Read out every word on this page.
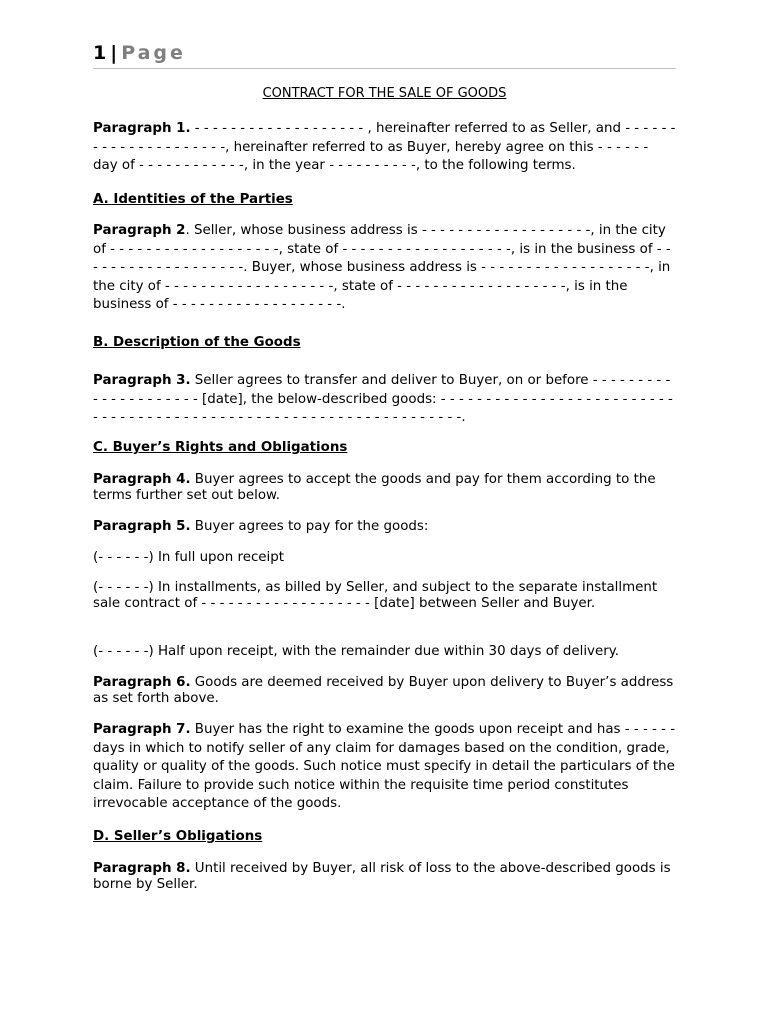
1 | Page
CONTRACT FOR THE SALE OF GOODS

Paragraph 1. - - - - - - - - - - - - - - - - - - - , hereinafter referred to as Seller, and - - - - - - - - - - - - - - - - - - - - -, hereinafter referred to as Buyer, hereby agree on this - - - - - - day of - - - - - - - - - - - -, in the year - - - - - - - - - -, to the following terms.

A. Identities of the Parties

Paragraph 2. Seller, whose business address is - - - - - - - - - - - - - - - - - - -, in the city of - - - - - - - - - - - - - - - - - - -, state of - - - - - - - - - - - - - - - - - - -, is in the business of - - - - - - - - - - - - - - - - - - -. Buyer, whose business address is - - - - - - - - - - - - - - - - - - -, in the city of - - - - - - - - - - - - - - - - - - -, state of - - - - - - - - - - - - - - - - - - -, is in the business of - - - - - - - - - - - - - - - - - - -.

B. Description of the Goods

Paragraph 3. Seller agrees to transfer and deliver to Buyer, on or before - - - - - - - - - - - - - - - - - - - - - [date], the below-described goods: - - - - - - - - - - - - - - - - - - - - - - - - - - - - - - - - - - - - - - - - - - - - - - - - - - - - - - - - - - - - - - - - - - -.

C. Buyer’s Rights and Obligations

Paragraph 4. Buyer agrees to accept the goods and pay for them according to the terms further set out below.

Paragraph 5. Buyer agrees to pay for the goods:

(- - - - - -) In full upon receipt

(- - - - - -) In installments, as billed by Seller, and subject to the separate installment sale contract of - - - - - - - - - - - - - - - - - - - [date] between Seller and Buyer.

(- - - - - -) Half upon receipt, with the remainder due within 30 days of delivery.

Paragraph 6. Goods are deemed received by Buyer upon delivery to Buyer’s address as set forth above.

Paragraph 7. Buyer has the right to examine the goods upon receipt and has - - - - - - days in which to notify seller of any claim for damages based on the condition, grade, quality or quality of the goods. Such notice must specify in detail the particulars of the claim. Failure to provide such notice within the requisite time period constitutes irrevocable acceptance of the goods.

D. Seller’s Obligations

Paragraph 8. Until received by Buyer, all risk of loss to the above-described goods is borne by Seller.
